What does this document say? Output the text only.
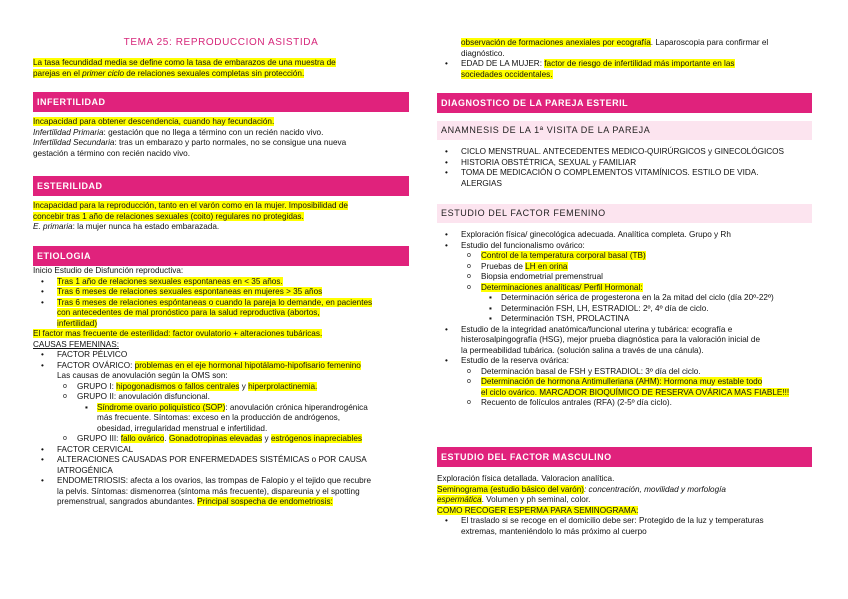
TEMA 25: REPRODUCCION ASISTIDA

La tasa fecundidad media se define como la tasa de embarazos de una muestra de

parejas en el primer ciclo de relaciones sexuales completas sin protección.

INFERTILIDAD

Incapacidad para obtener descendencia, cuando hay fecundación.

Infertilidad Primaria: gestación que no llega a término con un recién nacido vivo.

Infertilidad Secundaria: tras un embarazo y parto normales, no se consigue una nueva

gestación a término con recién nacido vivo.

ESTERILIDAD

Incapacidad para la reproducción, tanto en el varón como en la mujer. Imposibilidad de

concebir tras 1 año de relaciones sexuales (coito) regulares no protegidas.

E. primaria: la mujer nunca ha estado embarazada.

ETIOLOGIA

Inicio Estudio de Disfunción reproductiva:

• Tras 1 año de relaciones sexuales espontaneas en < 35 años.
• Tras 6 meses de relaciones sexuales espontaneas en mujeres > 35 años
• Tras 6 meses de relaciones espóntaneas o cuando la pareja lo demande, en pacientes
con antecedentes de mal pronóstico para la salud reproductiva (abortos,
infertilidad)

El factor mas frecuente de esterilidad: factor ovulatorio + alteraciones tubáricas.

CAUSAS FEMENINAS:

• FACTOR PÉLVICO
• FACTOR OVÁRICO: problemas en el eje hormonal hipotálamo-hipofisario femenino
Las causas de anovulación según la OMS son:
o GRUPO I: hipogonadismos o fallos centrales y hiperprolactinemia.
o GRUPO II: anovulación disfuncional.
▪ Síndrome ovario poliquístico (SOP): anovulación crónica hiperandrogénica
más frecuente. Síntomas: exceso en la producción de andrógenos,
obesidad, irregularidad menstrual e infertilidad.
o GRUPO III: fallo ovárico. Gonadotropinas elevadas y estrógenos inapreciables
• FACTOR CERVICAL
• ALTERACIONES CAUSADAS POR ENFERMEDADES SISTÉMICAS o POR CAUSA
IATROGÉNICA
• ENDOMETRIOSIS: afecta a los ovarios, las trompas de Falopio y el tejido que recubre
la pelvis. Síntomas: dismenorrea (síntoma más frecuente), dispareunia y el spotting
premenstrual, sangrados abundantes. Principal sospecha de endometriosis:

observación de formaciones anexiales por ecografía. Laparoscopia para confirmar el

diagnóstico.

• EDAD DE LA MUJER: factor de riesgo de infertilidad más importante en las
sociedades occidentales.
DIAGNOSTICO DE LA PAREJA ESTERIL
ANAMNESIS DE LA 1ª VISITA DE LA PAREJA
• CICLO MENSTRUAL. ANTECEDENTES MEDICO-QUIRÚRGICOS y GINECOLÓGICOS
• HISTORIA OBSTÉTRICA, SEXUAL y FAMILIAR
• TOMA DE MEDICACIÓN O COMPLEMENTOS VITAMÍNICOS. ESTILO DE VIDA.
ALERGIAS
ESTUDIO DEL FACTOR FEMENINO
• Exploración física/ ginecológica adecuada. Analítica completa. Grupo y Rh
• Estudio del funcionalismo ovárico:
o Control de la temperatura corporal basal (TB)
o Pruebas de LH en orina
o Biopsia endometrial premenstrual
o Determinaciones analíticas/ Perfil Hormonal:
▪ Determinación sérica de progesterona en la 2a mitad del ciclo (día 20º-22º)
▪ Determinación FSH, LH, ESTRADIOL: 2º, 4º día de ciclo.
▪ Determinación TSH, PROLACTINA
• Estudio de la integridad anatómica/funcional uterina y tubárica: ecografía e
histerosalpingografía (HSG), mejor prueba diagnóstica para la valoración inicial de
la permeabilidad tubárica. (solución salina a través de una cánula).
• Estudio de la reserva ovárica:
o Determinación basal de FSH y ESTRADIOL: 3º día del ciclo.
o Determinación de hormona Antimulleriana (AHM): Hormona muy estable todo
el ciclo ovárico. MARCADOR BIOQUÍMICO DE RESERVA OVÁRICA MAS FIABLE!!!
o Recuento de folículos antrales (RFA) (2-5º día ciclo).
ESTUDIO DEL FACTOR MASCULINO

Exploración física detallada. Valoracion analítica.

Seminograma (estudio básico del varón): concentración, movilidad y morfología

espermática. Volumen y ph seminal, color.

COMO RECOGER ESPERMA PARA SEMINOGRAMA:

• El traslado si se recoge en el domicilio debe ser: Protegido de la luz y temperaturas
extremas, manteniéndolo lo más próximo al cuerpo
